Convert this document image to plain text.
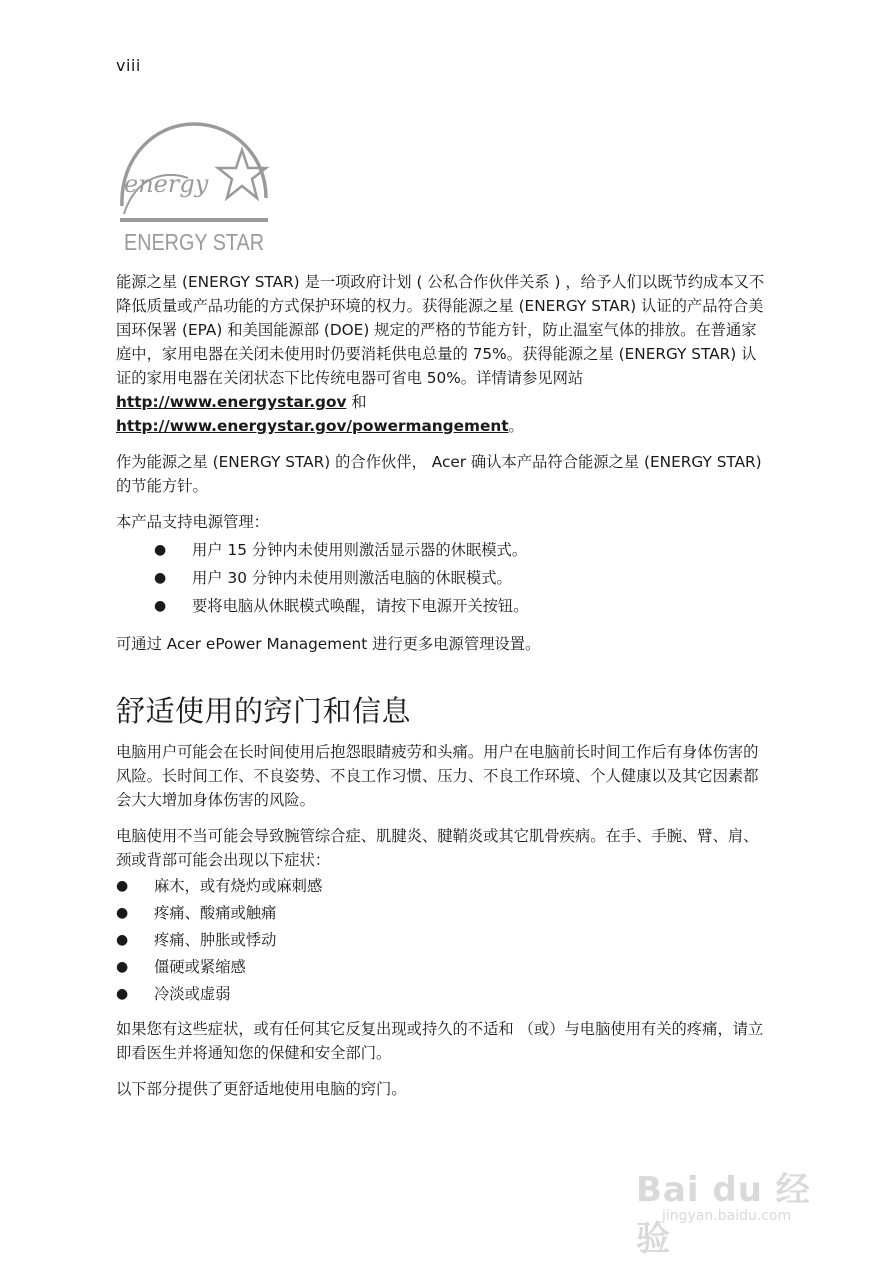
viii
energy
ENERGY STAR

能源之星 (ENERGY STAR) 是一项政府计划 ( 公私合作伙伴关系 ) ，给予人们以既节约成本又不降低质量或产品功能的方式保护环境的权力。获得能源之星 (ENERGY STAR) 认证的产品符合美国环保署 (EPA) 和美国能源部 (DOE) 规定的严格的节能方针，防止温室气体的排放。在普通家庭中，家用电器在关闭未使用时仍要消耗供电总量的 75%。获得能源之星 (ENERGY STAR) 认证的家用电器在关闭状态下比传统电器可省电 50%。详情请参见网站 http://www.energystar.gov 和 http://www.energystar.gov/powermangement。

作为能源之星 (ENERGY STAR) 的合作伙伴， Acer 确认本产品符合能源之星 (ENERGY STAR) 的节能方针。

本产品支持电源管理：

● 用户 15 分钟内未使用则激活显示器的休眠模式。
● 用户 30 分钟内未使用则激活电脑的休眠模式。
● 要将电脑从休眠模式唤醒，请按下电源开关按钮。

可通过 Acer ePower Management 进行更多电源管理设置。

舒适使用的窍门和信息

电脑用户可能会在长时间使用后抱怨眼睛疲劳和头痛。用户在电脑前长时间工作后有身体伤害的风险。长时间工作、不良姿势、不良工作习惯、压力、不良工作环境、个人健康以及其它因素都会大大增加身体伤害的风险。

电脑使用不当可能会导致腕管综合症、肌腱炎、腱鞘炎或其它肌骨疾病。在手、手腕、臂、肩、颈或背部可能会出现以下症状：

● 麻木，或有烧灼或麻刺感
● 疼痛、酸痛或触痛
● 疼痛、肿胀或悸动
● 僵硬或紧缩感
● 冷淡或虚弱

如果您有这些症状，或有任何其它反复出现或持久的不适和 （或）与电脑使用有关的疼痛，请立即看医生并将通知您的保健和安全部门。

以下部分提供了更舒适地使用电脑的窍门。

Bai du 经验
jingyan.baidu.com
